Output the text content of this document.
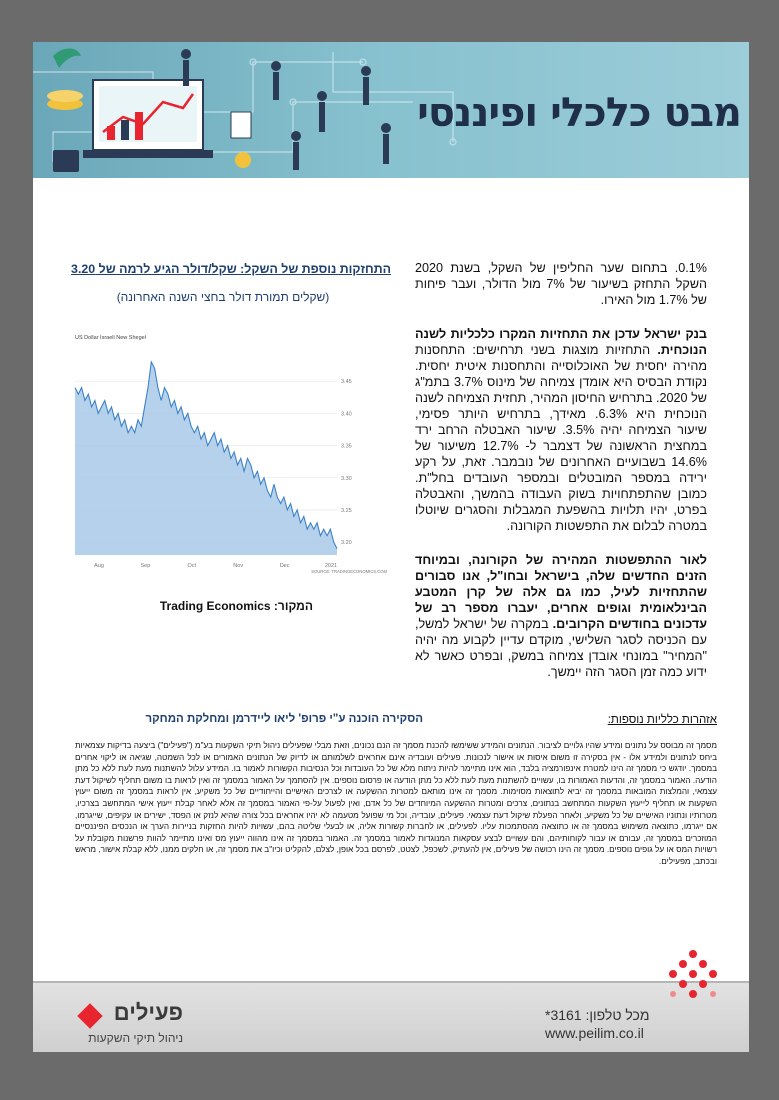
מבט כלכלי ופיננסי

0.1%. בתחום שער החליפין של השקל, בשנת 2020 השקל התחזק בשיעור של 7% מול הדולר, ועבר פיחות של 1.7% מול האירו.

בנק ישראל עדכן את התחזיות המקרו כלכליות לשנה הנוכחית. התחזיות מוצגות בשני תרחישים: התחסנות מהירה יחסית של האוכלוסייה והתחסנות איטית יחסית. נקודת הבסיס היא אומדן צמיחה של מינוס 3.7% בתמ"ג של 2020. בתרחיש החיסון המהיר, תחזית הצמיחה לשנה הנוכחית היא 6.3%. מאידך, בתרחיש היותר פסימי, שיעור הצמיחה יהיה 3.5%. שיעור האבטלה הרחב ירד במחצית הראשונה של דצמבר ל- 12.7% משיעור של 14.6% בשבועיים האחרונים של נובמבר. זאת, על רקע ירידה במספר המובטלים ובמספר העובדים בחל"ת. כמובן שהתפתחויות בשוק העבודה בהמשך, והאבטלה בפרט, יהיו תלויות בהשפעת המגבלות והסגרים שיוטלו במטרה לבלום את התפשטות הקורונה.

לאור ההתפשטות המהירה של הקורונה, ובמיוחד הזנים החדשים שלה, בישראל ובחו"ל, אנו סבורים שהתחזיות לעיל, כמו גם אלה של קרן המטבע הבינלאומית וגופים אחרים, יעברו מספר רב של עדכונים בחודשים הקרובים. במקרה של ישראל למשל, עם הכניסה לסגר השלישי, מוקדם עדיין לקבוע מה יהיה "המחיר" במונחי אובדן צמיחה במשק, ובפרט כאשר לא ידוע כמה זמן הסגר הזה יימשך.

התחזקות נוספת של השקל: שקל/דולר הגיע לרמה של 3.20
(שקלים תמורת דולר בחצי השנה האחרונה)
US Dollar Israeli New Shegel
3.20
3.25
3.30
3.35
3.40
3.45
Aug	Sep	Oct	Nov	Dec	2021
SOURCE: TRADINGECONOMICS.COM
המקור: Trading Economics
אזהרות כלליות נוספות:
הסקירה הוכנה ע"י פרופ' ליאו ליידרמן ומחלקת המחקר
מסמך זה מבוסס על נתונים ומידע שהיו גלויים לציבור. הנתונים והמידע ששימשו להכנת מסמך זה הנם נכונים, וזאת מבלי שפעילים ניהול תיקי השקעות בע"מ ("פעילים") ביצעה בדיקות עצמאיות ביחס לנתונים ולמידע אלו - אין בסקירה זו משום איסות או אישור לנכונות. פעילים ועובדיה אינם אחראים לשלמותם או לדיוק של הנתונים האמורים או לכל השמטה, שגיאה או ליקוי אחרים במסמך. יודגש כי מסמך זה הינו למטרת אינפורמציה בלבד, הוא אינו מתיימר להיות ניתוח מלא של כל העובדות וכל הנסיבות הקשורות לאמור בו. המידע עלול להשתנות מעת לעת ללא כל מתן הודעה. האמור במסמך זה, והדעות האמורות בו, עשויים להשתנות מעת לעת ללא כל מתן הודעה או פרסום נוספים. אין להסתמך על האמור במסמך זה ואין לראות בו משום תחליף לשיקול דעת עצמאי, והמלצות המובאות במסמך זה יביא לתוצאות מסוימות. מסמך זה אינו מותאם למטרות ההשקעה או לצרכים האישיים והייחודיים של כל משקיע, אין לראות במסמך זה משום ייעוץ השקעות או תחליף לייעוץ השקעות המתחשב בנתונים, צרכים ומטרות ההשקעה המיוחדים של כל אדם, ואין לפעול על-פי האמור במסמך זה אלא לאחר קבלת ייעוץ אישי המתחשב בצרכיו, מטרותיו ונתוניו האישיים של כל משקיע, ולאחר הפעלת שיקול דעת עצמאי. פעילים, עובדיה, וכל מי שפועל מטעמה לא יהיו אחראים בכל צורה שהיא לנזק או הפסד, ישירים או עקיפים, שייגרמו, אם ייגרמו, כתוצאה משימוש במסמך זה או כתוצאה מהסתמכות עליו. לפעילים, או לחברות קשורות אליה, או לבעלי שליטה בהם, עשויות להיות החזקות בניירות הערך או הנכסים הפיננסיים המוזכרים במסמך זה, עבורם או עבור לקוחותיהם, והם עשויים לבצע עסקאות המנוגדות לאמור במסמך זה. האמור במסמך זה אינו מהווה ייעוץ מס ואינו מתיימר להוות פרשנות מקובלת על רשויות המס או על גופים נוספים. מסמך זה הינו רכושה של פעילים, אין להעתיק, לשכפל, לצטט, לפרסם בכל אופן, לצלם, להקליט וכיו"ב את מסמך זה, או חלקים ממנו, ללא קבלת אישור, מראש ובכתב, מפעילים.
מכל טלפון: 3161*
www.peilim.co.il
פעילים
ניהול תיקי השקעות
